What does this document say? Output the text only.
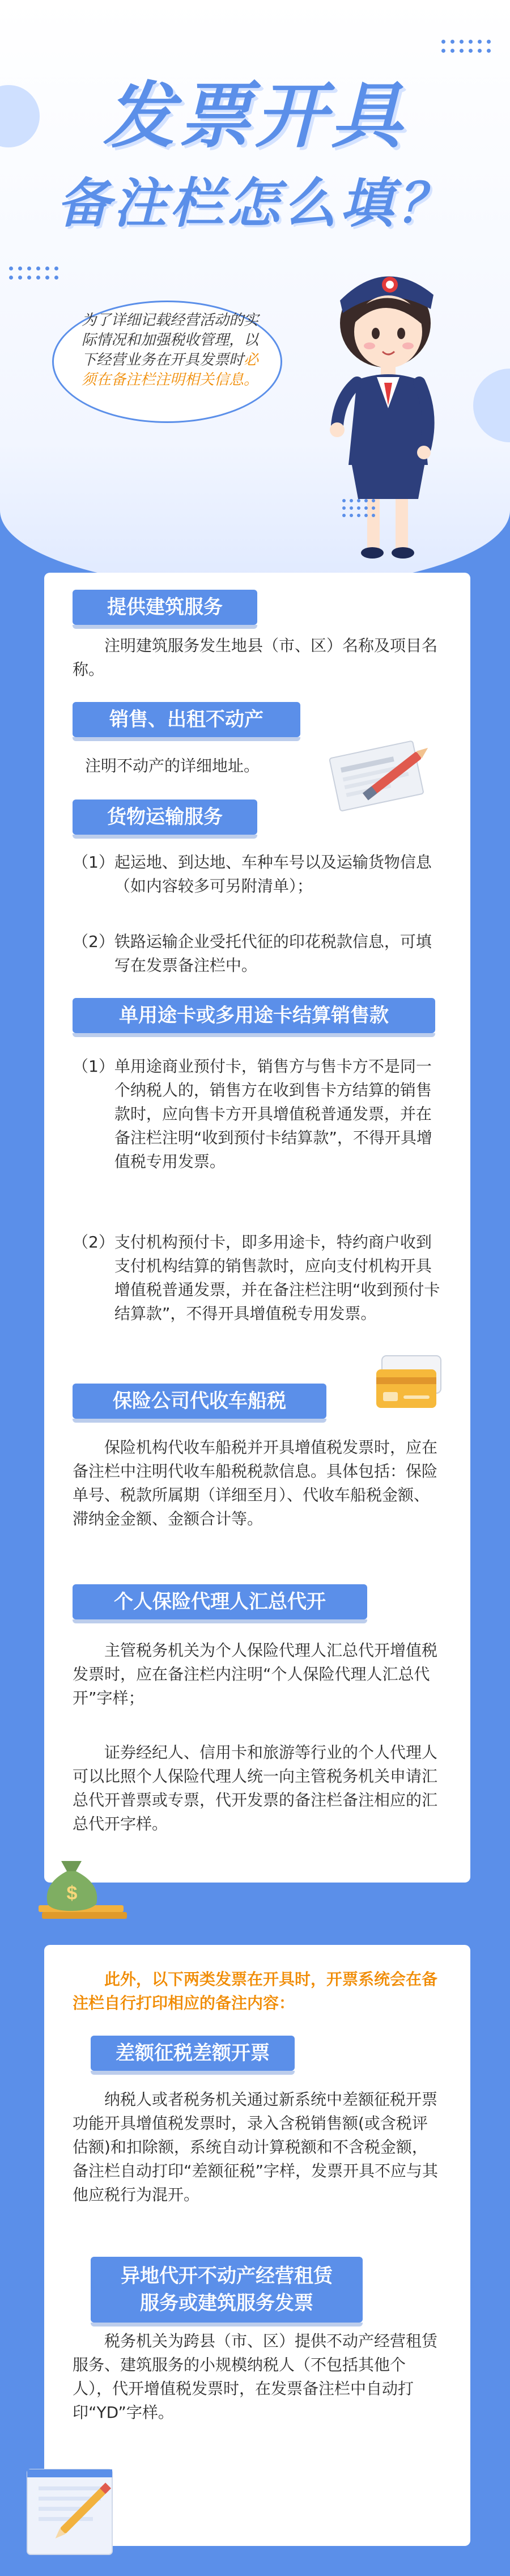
发票开具
备注栏怎么填？
为了详细记载经营活动的实际情况和加强税收管理，以下经营业务在开具发票时必须在备注栏注明相关信息。
提供建筑服务
注明建筑服务发生地县（市、区）名称及项目名称。
销售、出租不动产
注明不动产的详细地址。
货物运输服务
（1） 起运地、到达地、车种车号以及运输货物信息（如内容较多可另附清单）；
（2） 铁路运输企业受托代征的印花税款信息，可填写在发票备注栏中。
单用途卡或多用途卡结算销售款
（1） 单用途商业预付卡，销售方与售卡方不是同一个纳税人的，销售方在收到售卡方结算的销售款时，应向售卡方开具增值税普通发票，并在备注栏注明“收到预付卡结算款”，不得开具增值税专用发票。
（2） 支付机构预付卡，即多用途卡，特约商户收到支付机构结算的销售款时，应向支付机构开具增值税普通发票，并在备注栏注明“收到预付卡结算款”，不得开具增值税专用发票。
保险公司代收车船税
保险机构代收车船税并开具增值税发票时，应在备注栏中注明代收车船税税款信息。具体包括：保险单号、税款所属期（详细至月）、代收车船税金额、滞纳金金额、金额合计等。
个人保险代理人汇总代开
主管税务机关为个人保险代理人汇总代开增值税发票时，应在备注栏内注明“个人保险代理人汇总代开”字样；
证券经纪人、信用卡和旅游等行业的个人代理人可以比照个人保险代理人统一向主管税务机关申请汇总代开普票或专票，代开发票的备注栏备注相应的汇总代开字样。
$
此外，以下两类发票在开具时，开票系统会在备注栏自行打印相应的备注内容：
差额征税差额开票
纳税人或者税务机关通过新系统中差额征税开票功能开具增值税发票时，录入含税销售额(或含税评估额)和扣除额，系统自动计算税额和不含税金额，备注栏自动打印“差额征税”字样，发票开具不应与其他应税行为混开。
异地代开不动产经营租赁
服务或建筑服务发票
税务机关为跨县（市、区）提供不动产经营租赁服务、建筑服务的小规模纳税人（不包括其他个人），代开增值税发票时，在发票备注栏中自动打印“YD”字样。
